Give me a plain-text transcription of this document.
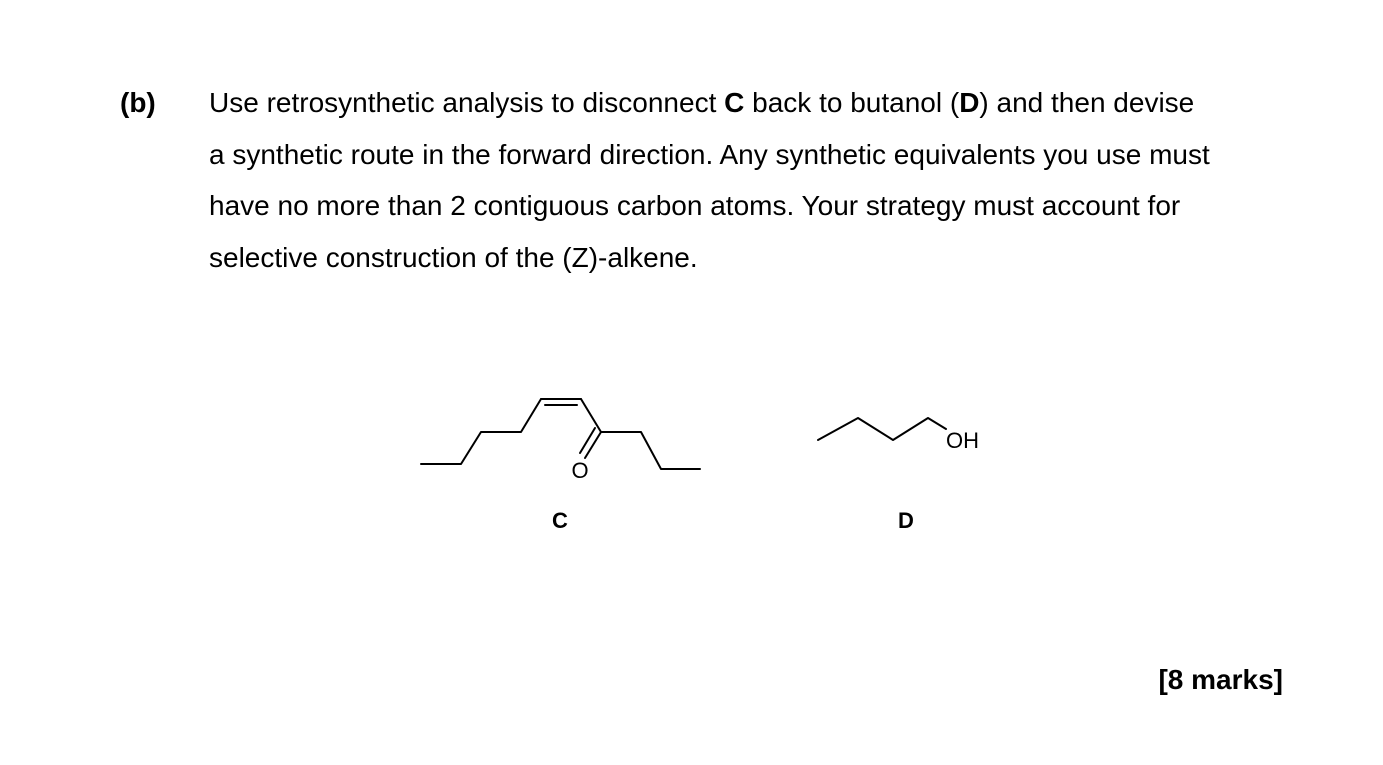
(b) Use retrosynthetic analysis to disconnect C back to butanol (D) and then devise
a synthetic route in the forward direction. Any synthetic equivalents you use must
have no more than 2 contiguous carbon atoms. Your strategy must account for
selective construction of the (Z)-alkene.
O
OH
C	D
[8 marks]
